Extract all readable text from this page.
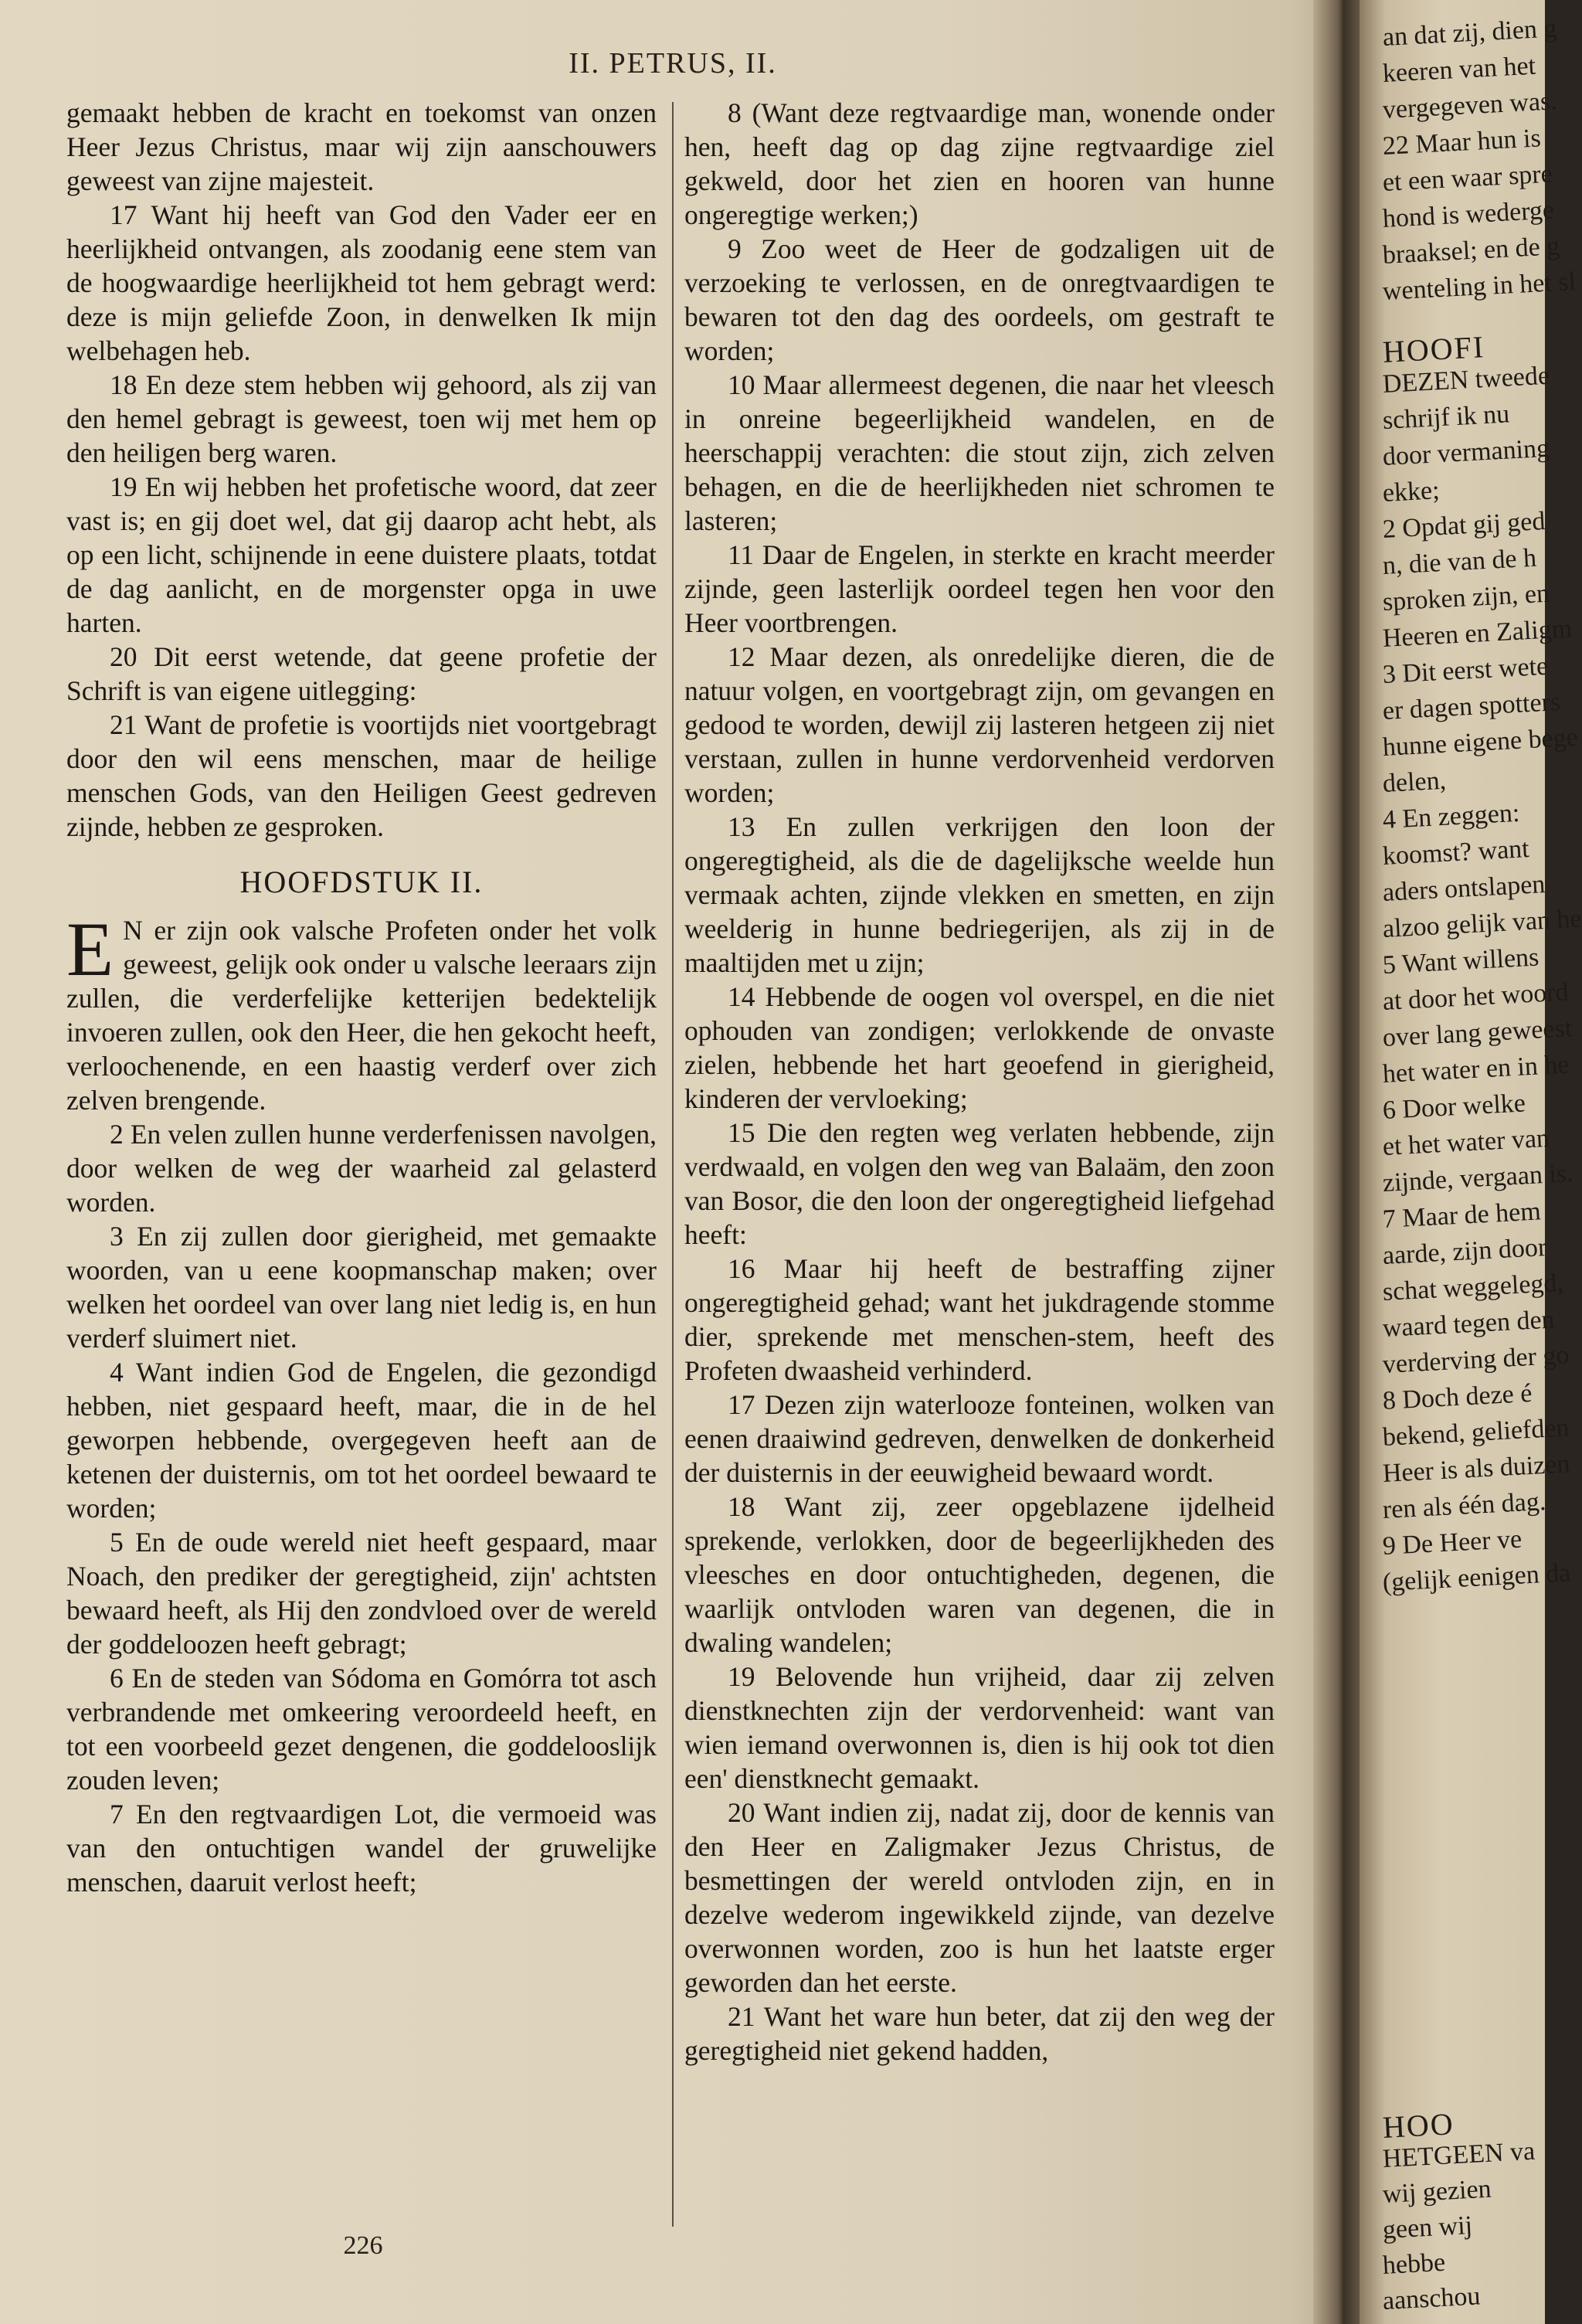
II. PETRUS, II.

gemaakt hebben de kracht en toekomst van onzen Heer Jezus Christus, maar wij zijn aanschouwers geweest van zijne majesteit.

17 Want hij heeft van God den Vader eer en heerlijkheid ontvangen, als zoodanig eene stem van de hoogwaardige heerlijkheid tot hem gebragt werd: deze is mijn geliefde Zoon, in denwelken Ik mijn welbehagen heb.

18 En deze stem hebben wij gehoord, als zij van den hemel gebragt is geweest, toen wij met hem op den heiligen berg waren.

19 En wij hebben het profetische woord, dat zeer vast is; en gij doet wel, dat gij daarop acht hebt, als op een licht, schijnende in eene duistere plaats, totdat de dag aanlicht, en de morgenster opga in uwe harten.

20 Dit eerst wetende, dat geene profetie der Schrift is van eigene uitlegging:

21 Want de profetie is voortijds niet voortgebragt door den wil eens menschen, maar de heilige menschen Gods, van den Heiligen Geest gedreven zijnde, hebben ze gesproken.

HOOFDSTUK II.

E N er zijn ook valsche Profeten onder het volk geweest, gelijk ook onder u valsche leeraars zijn zullen, die verderfelijke ketterijen bedektelijk invoeren zullen, ook den Heer, die hen gekocht heeft, verloochenende, en een haastig verderf over zich zelven brengende.

2 En velen zullen hunne verderfenissen navolgen, door welken de weg der waarheid zal gelasterd worden.

3 En zij zullen door gierigheid, met gemaakte woorden, van u eene koopmanschap maken; over welken het oordeel van over lang niet ledig is, en hun verderf sluimert niet.

4 Want indien God de Engelen, die gezondigd hebben, niet gespaard heeft, maar, die in de hel geworpen hebbende, overgegeven heeft aan de ketenen der duisternis, om tot het oordeel bewaard te worden;

5 En de oude wereld niet heeft gespaard, maar Noach, den prediker der geregtigheid, zijn' achtsten bewaard heeft, als Hij den zondvloed over de wereld der goddeloozen heeft gebragt;

6 En de steden van Sódoma en Gomórra tot asch verbrandende met omkeering veroordeeld heeft, en tot een voorbeeld gezet dengenen, die goddelooslijk zouden leven;

7 En den regtvaardigen Lot, die vermoeid was van den ontuchtigen wandel der gruwelijke menschen, daaruit verlost heeft;

8 (Want deze regtvaardige man, wonende onder hen, heeft dag op dag zijne regtvaardige ziel gekweld, door het zien en hooren van hunne ongeregtige werken;)

9 Zoo weet de Heer de godzaligen uit de verzoeking te verlossen, en de onregtvaardigen te bewaren tot den dag des oordeels, om gestraft te worden;

10 Maar allermeest degenen, die naar het vleesch in onreine begeerlijkheid wandelen, en de heerschappij verachten: die stout zijn, zich zelven behagen, en die de heerlijkheden niet schromen te lasteren;

11 Daar de Engelen, in sterkte en kracht meerder zijnde, geen lasterlijk oordeel tegen hen voor den Heer voortbrengen.

12 Maar dezen, als onredelijke dieren, die de natuur volgen, en voortgebragt zijn, om gevangen en gedood te worden, dewijl zij lasteren hetgeen zij niet verstaan, zullen in hunne verdorvenheid verdorven worden;

13 En zullen verkrijgen den loon der ongeregtigheid, als die de dagelijksche weelde hun vermaak achten, zijnde vlekken en smetten, en zijn weelderig in hunne bedriegerijen, als zij in de maaltijden met u zijn;

14 Hebbende de oogen vol overspel, en die niet ophouden van zondigen; verlokkende de onvaste zielen, hebbende het hart geoefend in gierigheid, kinderen der vervloeking;

15 Die den regten weg verlaten hebbende, zijn verdwaald, en volgen den weg van Balaäm, den zoon van Bosor, die den loon der ongeregtigheid liefgehad heeft:

16 Maar hij heeft de bestraffing zijner ongeregtigheid gehad; want het jukdragende stomme dier, sprekende met menschen-stem, heeft des Profeten dwaasheid verhinderd.

17 Dezen zijn waterlooze fonteinen, wolken van eenen draaiwind gedreven, denwelken de donkerheid der duisternis in der eeuwigheid bewaard wordt.

18 Want zij, zeer opgeblazene ijdelheid sprekende, verlokken, door de begeerlijkheden des vleesches en door ontuchtigheden, degenen, die waarlijk ontvloden waren van degenen, die in dwaling wandelen;

19 Belovende hun vrijheid, daar zij zelven dienstknechten zijn der verdorvenheid: want van wien iemand overwonnen is, dien is hij ook tot dien een' dienstknecht gemaakt.

20 Want indien zij, nadat zij, door de kennis van den Heer en Zaligmaker Jezus Christus, de besmettingen der wereld ontvloden zijn, en in dezelve wederom ingewikkeld zijnde, van dezelve overwonnen worden, zoo is hun het laatste erger geworden dan het eerste.

21 Want het ware hun beter, dat zij den weg der geregtigheid niet gekend hadden,

226
an dat zij, dien g
keeren van het
vergegeven was.
22 Maar hun is
et een waar spre
hond is wederge
braaksel; en de g
wenteling in het sl
HOOFI
DEZEN tweede
schrijf ik nu
door vermaning
ekke;
2 Opdat gij ged
n, die van de h
sproken zijn, en
Heeren en Zaligm
3 Dit eerst wete
er dagen spotters
hunne eigene bege
delen,
4 En zeggen:
koomst? want
aders ontslapen
alzoo gelijk van he
5 Want willens
at door het woord
over lang geweest
het water en in he
6 Door welke
et het water van
zijnde, vergaan is.
7 Maar de hem
aarde, zijn door
schat weggelegd,
waard tegen den
verderving der go
8 Doch deze é
bekend, geliefden
Heer is als duizen
ren als één dag.
9 De Heer ve
(gelijk eenigen da
HOO
HETGEEN va
wij gezien
geen wij
hebbe
aanschou
